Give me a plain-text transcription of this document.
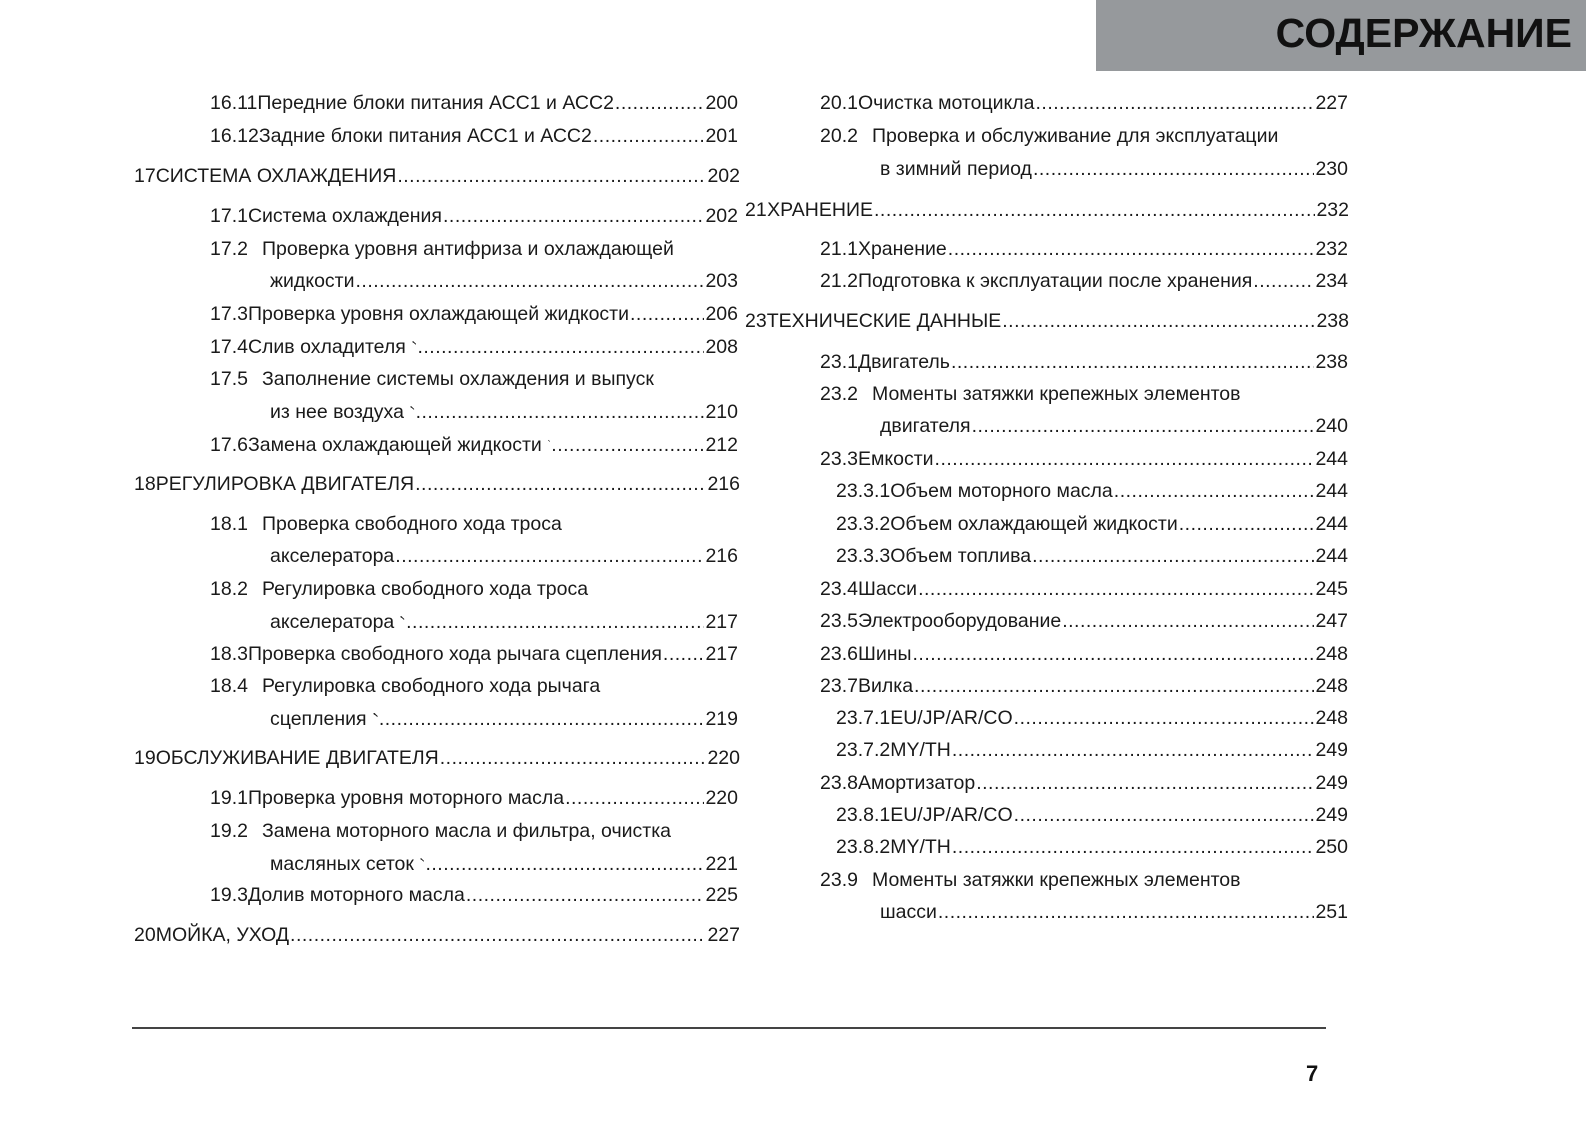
СОДЕРЖАНИЕ
16.11 Передние блоки питания АСС1 и АСС2 .....	200
16.12 Задние блоки питания АСС1 и АСС2 .....	201
17 СИСТЕМА ОХЛАЖДЕНИЯ .....	202
17.1 Система охлаждения .....	202
17.2 Проверка уровня антифриза и охлаждающей
жидкости .....	203
17.3 Проверка уровня охлаждающей жидкости .....	206
17.4 Слив охладителя .....	208
17.5 Заполнение системы охлаждения и выпуск
из нее воздуха .....	210
17.6 Замена охлаждающей жидкости .....	212
18 РЕГУЛИРОВКА ДВИГАТЕЛЯ .....	216
18.1 Проверка свободного хода троса
акселератора .....	216
18.2 Регулировка свободного хода троса
акселератора .....	217
18.3 Проверка свободного хода рычага сцепления ..... 217
18.4 Регулировка свободного хода рычага
сцепления .....	219
19 ОБСЛУЖИВАНИЕ ДВИГАТЕЛЯ .....	220
19.1 Проверка уровня моторного масла .....	220
19.2 Замена моторного масла и фильтра, очистка
масляных сеток .....	221
19.3 Долив моторного масла .....	225
20 МОЙКА, УХОД .....	227
20.1 Очистка мотоцикла .....	227
20.2 Проверка и обслуживание для эксплуатации
в зимний период .....	230
21 ХРАНЕНИЕ .....	232
21.1 Хранение .....	232
21.2 Подготовка к эксплуатации после хранения .....	234
23 ТЕХНИЧЕСКИЕ ДАННЫЕ .....	238
23.1 Двигатель .....	238
23.2 Моменты затяжки крепежных элементов
двигателя .....	240
23.3 Емкости .....	244
23.3.1 Объем моторного масла .....	244
23.3.2 Объем охлаждающей жидкости .....	244
23.3.3 Объем топлива .....	244
23.4 Шасси .....	245
23.5 Электрооборудование .....	247
23.6 Шины .....	248
23.7 Вилка .....	248
23.7.1 EU/JP/AR/CO .....	248
23.7.2 MY/TH .....	249
23.8 Амортизатор .....	249
23.8.1 EU/JP/AR/CO .....	249
23.8.2 MY/TH .....	250
23.9 Моменты затяжки крепежных элементов
шасси .....	251
7
